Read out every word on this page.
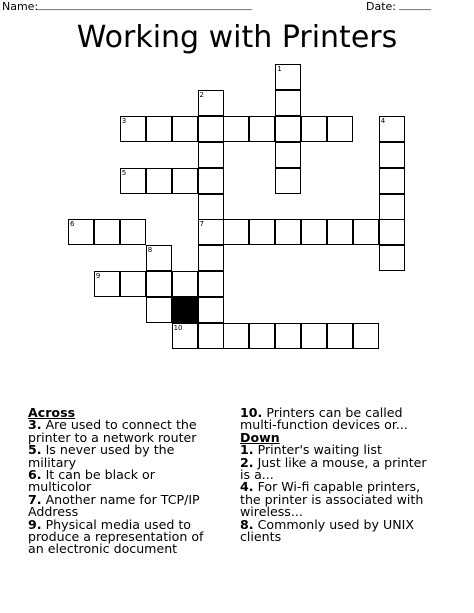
Name:
______________________________________________________	Date: ________
Working with Printers
1
2
3	4
5
6	7
8
9
10
Across
3. Are used to connect the printer to a network router
5. Is never used by the military
6. It can be black or multicolor
7. Another name for TCP/IP Address
9. Physical media used to produce a representation of an electronic document
10. Printers can be called multi-function devices or...
Down
1. Printer's waiting list
2. Just like a mouse, a printer is a...
4. For Wi-fi capable printers, the printer is associated with wireless...
8. Commonly used by UNIX clients
